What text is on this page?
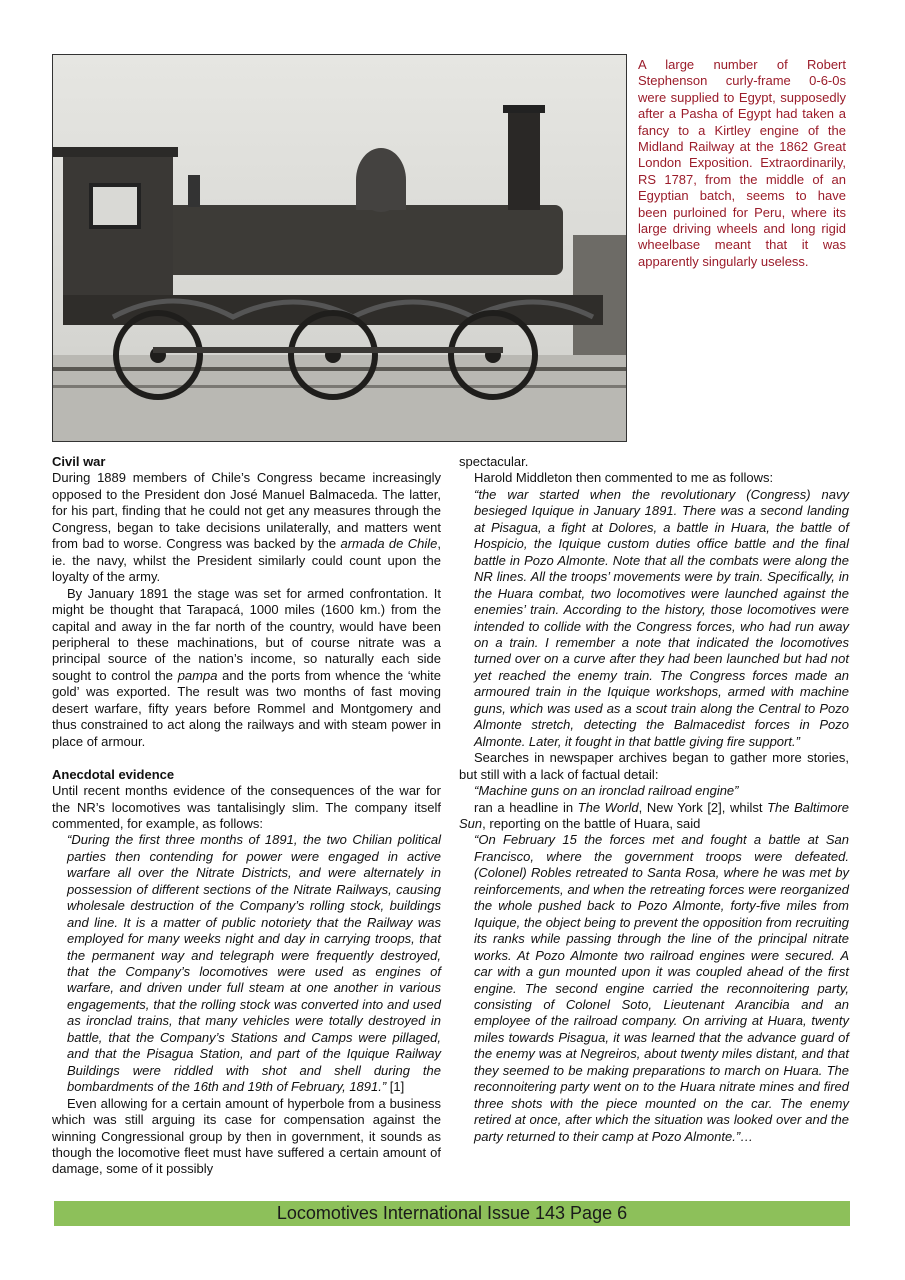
A large number of Robert Stephenson curly-frame 0-6-0s were supplied to Egypt, supposedly after a Pasha of Egypt had taken a fancy to a Kirtley engine of the Midland Railway at the 1862 Great London Exposition. Extraordinarily, RS 1787, from the middle of an Egyptian batch, seems to have been purloined for Peru, where its large driving wheels and long rigid wheelbase meant that it was apparently singularly useless.
Civil war

During 1889 members of Chile’s Congress became increasingly opposed to the President don José Manuel Balmaceda. The latter, for his part, finding that he could not get any measures through the Congress, began to take decisions unilaterally, and matters went from bad to worse. Congress was backed by the armada de Chile, ie. the navy, whilst the President similarly could count upon the loyalty of the army.

By January 1891 the stage was set for armed confrontation. It might be thought that Tarapacá, 1000 miles (1600 km.) from the capital and away in the far north of the country, would have been peripheral to these machinations, but of course nitrate was a principal source of the nation’s income, so naturally each side sought to control the pampa and the ports from whence the ‘white gold’ was exported. The result was two months of fast moving desert warfare, fifty years before Rommel and Montgomery and thus constrained to act along the railways and with steam power in place of armour.

Anecdotal evidence

Until recent months evidence of the consequences of the war for the NR’s locomotives was tantalisingly slim. The company itself commented, for example, as follows:

“During the first three months of 1891, the two Chilian political parties then contending for power were engaged in active warfare all over the Nitrate Districts, and were alternately in possession of different sections of the Nitrate Railways, causing wholesale destruction of the Company’s rolling stock, buildings and line. It is a matter of public notoriety that the Railway was employed for many weeks night and day in carrying troops, that the permanent way and telegraph were frequently destroyed, that the Company’s locomotives were used as engines of warfare, and driven under full steam at one another in various engagements, that the rolling stock was converted into and used as ironclad trains, that many vehicles were totally destroyed in battle, that the Company’s Stations and Camps were pillaged, and that the Pisagua Station, and part of the Iquique Railway Buildings were riddled with shot and shell during the bombardments of the 16th and 19th of February, 1891.” [1]

Even allowing for a certain amount of hyperbole from a business which was still arguing its case for compensation against the winning Congressional group by then in government, it sounds as though the locomotive fleet must have suffered a certain amount of damage, some of it possibly

spectacular.

Harold Middleton then commented to me as follows:

“the war started when the revolutionary (Congress) navy besieged Iquique in January 1891. There was a second landing at Pisagua, a fight at Dolores, a battle in Huara, the battle of Hospicio, the Iquique custom duties office battle and the final battle in Pozo Almonte. Note that all the combats were along the NR lines. All the troops’ movements were by train. Specifically, in the Huara combat, two locomotives were launched against the enemies’ train. According to the history, those locomotives were intended to collide with the Congress forces, who had run away on a train. I remember a note that indicated the locomotives turned over on a curve after they had been launched but had not yet reached the enemy train. The Congress forces made an armoured train in the Iquique workshops, armed with machine guns, which was used as a scout train along the Central to Pozo Almonte stretch, detecting the Balmacedist forces in Pozo Almonte. Later, it fought in that battle giving fire support.”

Searches in newspaper archives began to gather more stories, but still with a lack of factual detail:

“Machine guns on an ironclad railroad engine”

ran a headline in The World, New York [2], whilst The Baltimore Sun, reporting on the battle of Huara, said

“On February 15 the forces met and fought a battle at San Francisco, where the government troops were defeated. (Colonel) Robles retreated to Santa Rosa, where he was met by reinforcements, and when the retreating forces were reorganized the whole pushed back to Pozo Almonte, forty-five miles from Iquique, the object being to prevent the opposition from recruiting its ranks while passing through the line of the principal nitrate works. At Pozo Almonte two railroad engines were secured. A car with a gun mounted upon it was coupled ahead of the first engine. The second engine carried the reconnoitering party, consisting of Colonel Soto, Lieutenant Arancibia and an employee of the railroad company. On arriving at Huara, twenty miles towards Pisagua, it was learned that the advance guard of the enemy was at Negreiros, about twenty miles distant, and that they seemed to be making preparations to march on Huara. The reconnoitering party went on to the Huara nitrate mines and fired three shots with the piece mounted on the car. The enemy retired at once, after which the situation was looked over and the party returned to their camp at Pozo Almonte.”…

Locomotives International Issue 143 Page 6
